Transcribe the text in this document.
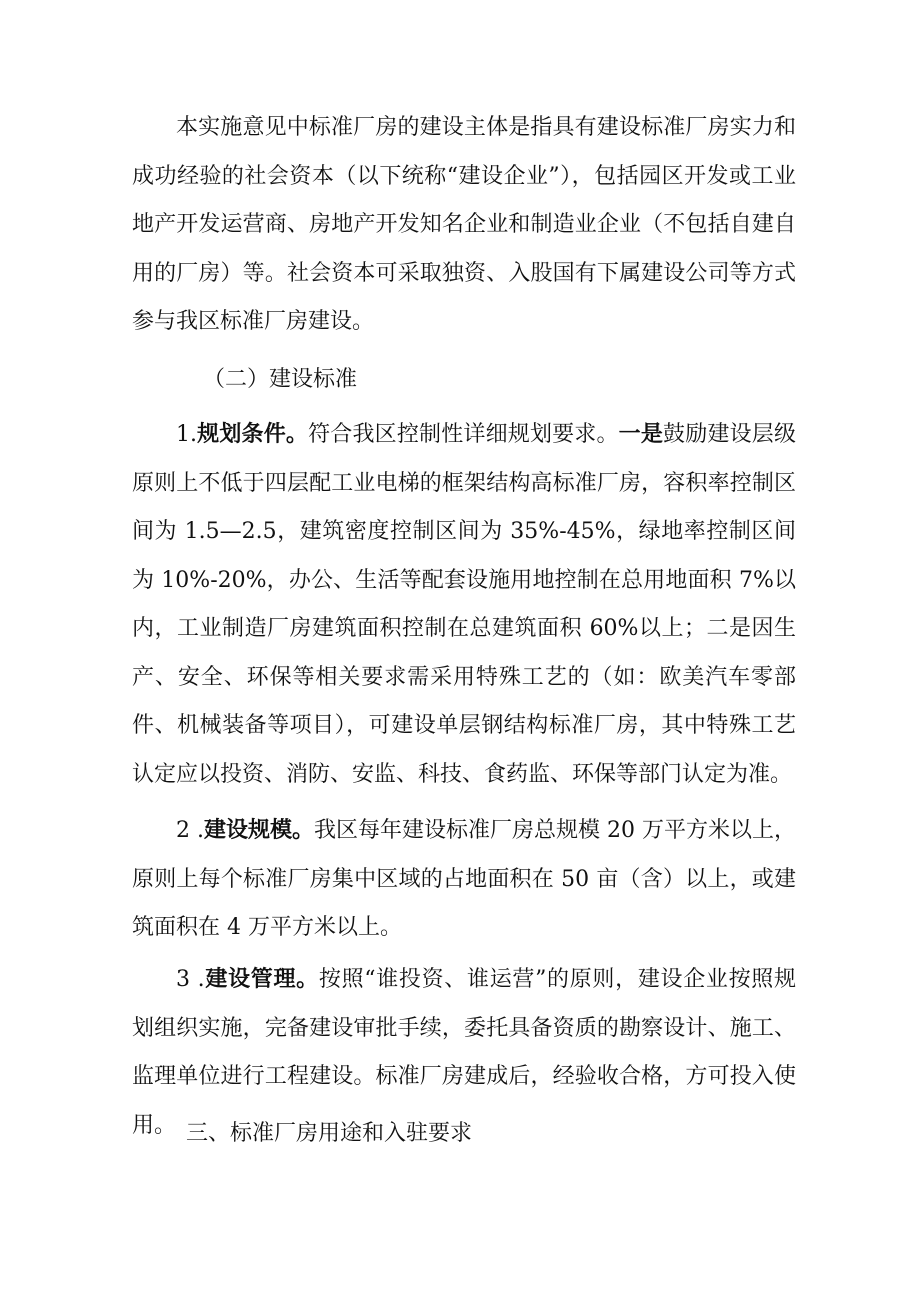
本实施意见中标准厂房的建设主体是指具有建设标准厂房实力和成功经验的社会资本（以下统称“建设企业”），包括园区开发或工业地产开发运营商、房地产开发知名企业和制造业企业（不包括自建自用的厂房）等。社会资本可采取独资、入股国有下属建设公司等方式参与我区标准厂房建设。

（二）建设标准

1.规划条件。符合我区控制性详细规划要求。一是鼓励建设层级原则上不低于四层配工业电梯的框架结构高标准厂房，容积率控制区间为 1.5—2.5，建筑密度控制区间为 35%-45%，绿地率控制区间为 10%-20%，办公、生活等配套设施用地控制在总用地面积 7%以内，工业制造厂房建筑面积控制在总建筑面积 60%以上；二是因生产、安全、环保等相关要求需采用特殊工艺的（如：欧美汽车零部件、机械装备等项目），可建设单层钢结构标准厂房，其中特殊工艺认定应以投资、消防、安监、科技、食药监、环保等部门认定为准。

2 .建设规模。我区每年建设标准厂房总规模 20 万平方米以上，原则上每个标准厂房集中区域的占地面积在 50 亩（含）以上，或建筑面积在 4 万平方米以上。

3 .建设管理。按照“谁投资、谁运营”的原则，建设企业按照规划组织实施，完备建设审批手续，委托具备资质的勘察设计、施工、监理单位进行工程建设。标准厂房建成后，经验收合格，方可投入使用。 三、标准厂房用途和入驻要求
